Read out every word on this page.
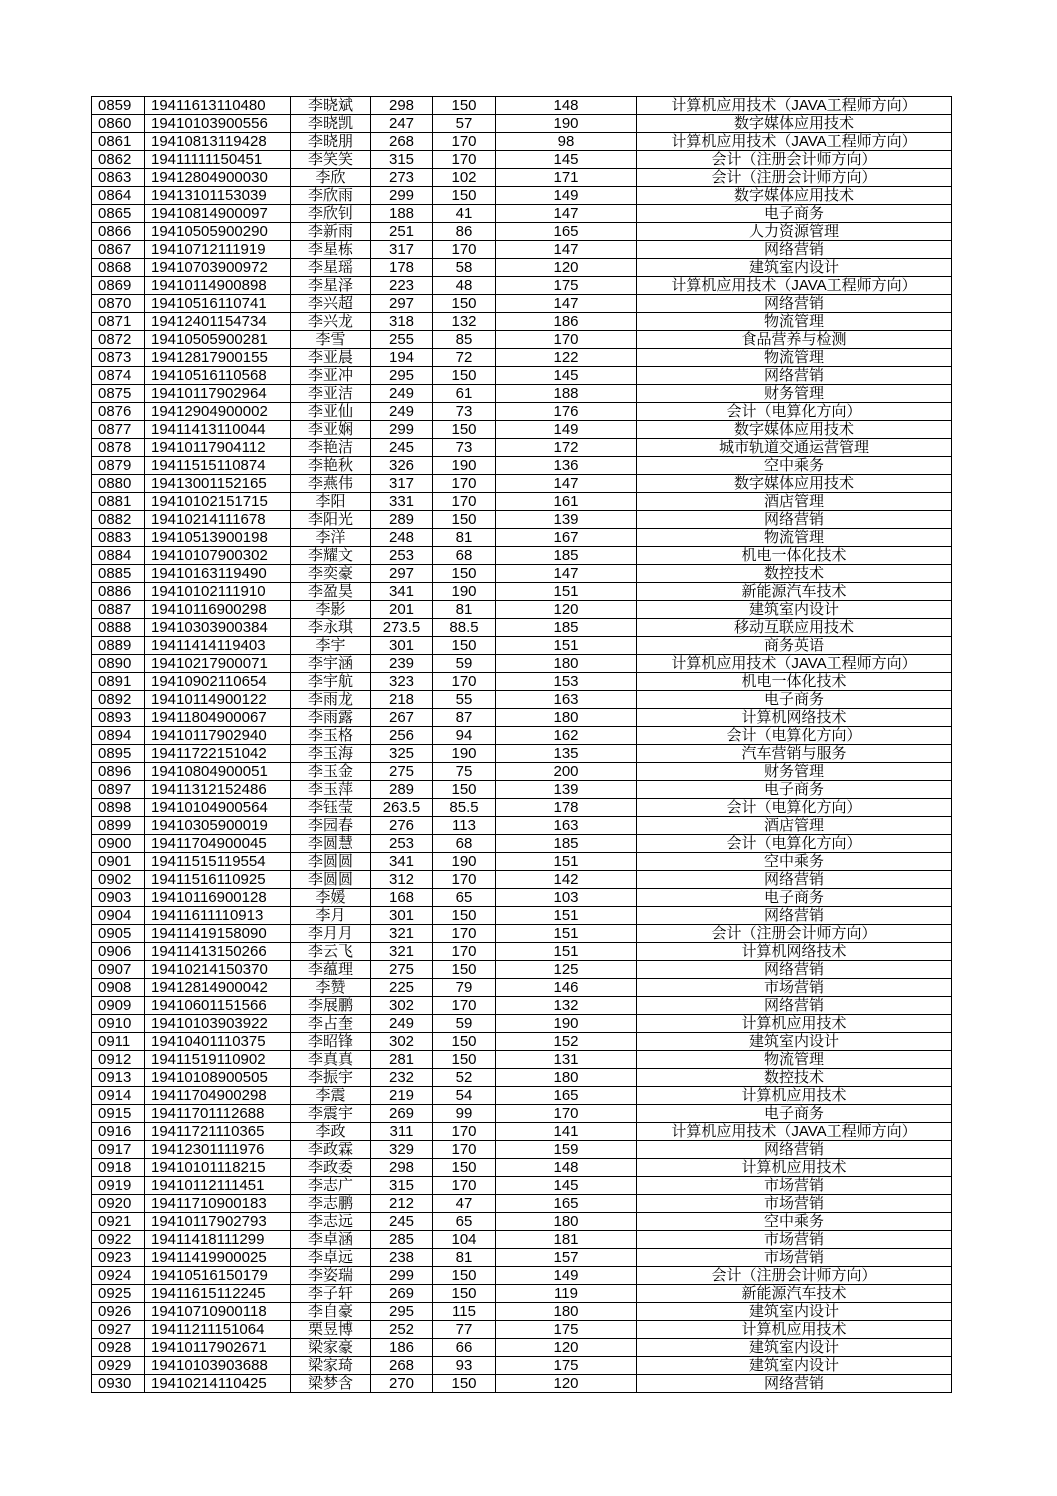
0859	19411613110480	李晓斌	298	150	148	计算机应用技术（JAVA工程师方向）
0860	19410103900556	李晓凯	247	57	190	数字媒体应用技术
0861	19410813119428	李晓朋	268	170	98	计算机应用技术（JAVA工程师方向）
0862	19411111150451	李笑笑	315	170	145	会计（注册会计师方向）
0863	19412804900030	李欣	273	102	171	会计（注册会计师方向）
0864	19413101153039	李欣雨	299	150	149	数字媒体应用技术
0865	19410814900097	李欣钊	188	41	147	电子商务
0866	19410505900290	李新雨	251	86	165	人力资源管理
0867	19410712111919	李星栋	317	170	147	网络营销
0868	19410703900972	李星瑶	178	58	120	建筑室内设计
0869	19410114900898	李星泽	223	48	175	计算机应用技术（JAVA工程师方向）
0870	19410516110741	李兴超	297	150	147	网络营销
0871	19412401154734	李兴龙	318	132	186	物流管理
0872	19410505900281	李雪	255	85	170	食品营养与检测
0873	19412817900155	李亚晨	194	72	122	物流管理
0874	19410516110568	李亚冲	295	150	145	网络营销
0875	19410117902964	李亚洁	249	61	188	财务管理
0876	19412904900002	李亚仙	249	73	176	会计（电算化方向）
0877	19411413110044	李亚娴	299	150	149	数字媒体应用技术
0878	19410117904112	李艳洁	245	73	172	城市轨道交通运营管理
0879	19411515110874	李艳秋	326	190	136	空中乘务
0880	19413001152165	李燕伟	317	170	147	数字媒体应用技术
0881	19410102151715	李阳	331	170	161	酒店管理
0882	19410214111678	李阳光	289	150	139	网络营销
0883	19410513900198	李洋	248	81	167	物流管理
0884	19410107900302	李耀文	253	68	185	机电一体化技术
0885	19410163119490	李奕豪	297	150	147	数控技术
0886	19410102111910	李盈昊	341	190	151	新能源汽车技术
0887	19410116900298	李影	201	81	120	建筑室内设计
0888	19410303900384	李永琪	273.5	88.5	185	移动互联应用技术
0889	19411414119403	李宇	301	150	151	商务英语
0890	19410217900071	李宇涵	239	59	180	计算机应用技术（JAVA工程师方向）
0891	19410902110654	李宇航	323	170	153	机电一体化技术
0892	19410114900122	李雨龙	218	55	163	电子商务
0893	19411804900067	李雨露	267	87	180	计算机网络技术
0894	19410117902940	李玉格	256	94	162	会计（电算化方向）
0895	19411722151042	李玉海	325	190	135	汽车营销与服务
0896	19410804900051	李玉金	275	75	200	财务管理
0897	19411312152486	李玉萍	289	150	139	电子商务
0898	19410104900564	李钰莹	263.5	85.5	178	会计（电算化方向）
0899	19410305900019	李园春	276	113	163	酒店管理
0900	19411704900045	李圆慧	253	68	185	会计（电算化方向）
0901	19411515119554	李圆圆	341	190	151	空中乘务
0902	19411516110925	李圆圆	312	170	142	网络营销
0903	19410116900128	李媛	168	65	103	电子商务
0904	19411611110913	李月	301	150	151	网络营销
0905	19411419158090	李月月	321	170	151	会计（注册会计师方向）
0906	19411413150266	李云飞	321	170	151	计算机网络技术
0907	19410214150370	李蕴理	275	150	125	网络营销
0908	19412814900042	李赞	225	79	146	市场营销
0909	19410601151566	李展鹏	302	170	132	网络营销
0910	19410103903922	李占奎	249	59	190	计算机应用技术
0911	19410401110375	李昭锋	302	150	152	建筑室内设计
0912	19411519110902	李真真	281	150	131	物流管理
0913	19410108900505	李振宇	232	52	180	数控技术
0914	19411704900298	李震	219	54	165	计算机应用技术
0915	19411701112688	李震宇	269	99	170	电子商务
0916	19411721110365	李政	311	170	141	计算机应用技术（JAVA工程师方向）
0917	19412301111976	李政霖	329	170	159	网络营销
0918	19410101118215	李政委	298	150	148	计算机应用技术
0919	19410112111451	李志广	315	170	145	市场营销
0920	19411710900183	李志鹏	212	47	165	市场营销
0921	19410117902793	李志远	245	65	180	空中乘务
0922	19411418111299	李卓涵	285	104	181	市场营销
0923	19411419900025	李卓远	238	81	157	市场营销
0924	19410516150179	李姿瑞	299	150	149	会计（注册会计师方向）
0925	19411615112245	李子轩	269	150	119	新能源汽车技术
0926	19410710900118	李自豪	295	115	180	建筑室内设计
0927	19411211151064	栗昱博	252	77	175	计算机应用技术
0928	19410117902671	梁家豪	186	66	120	建筑室内设计
0929	19410103903688	梁家琦	268	93	175	建筑室内设计
0930	19410214110425	梁梦含	270	150	120	网络营销
